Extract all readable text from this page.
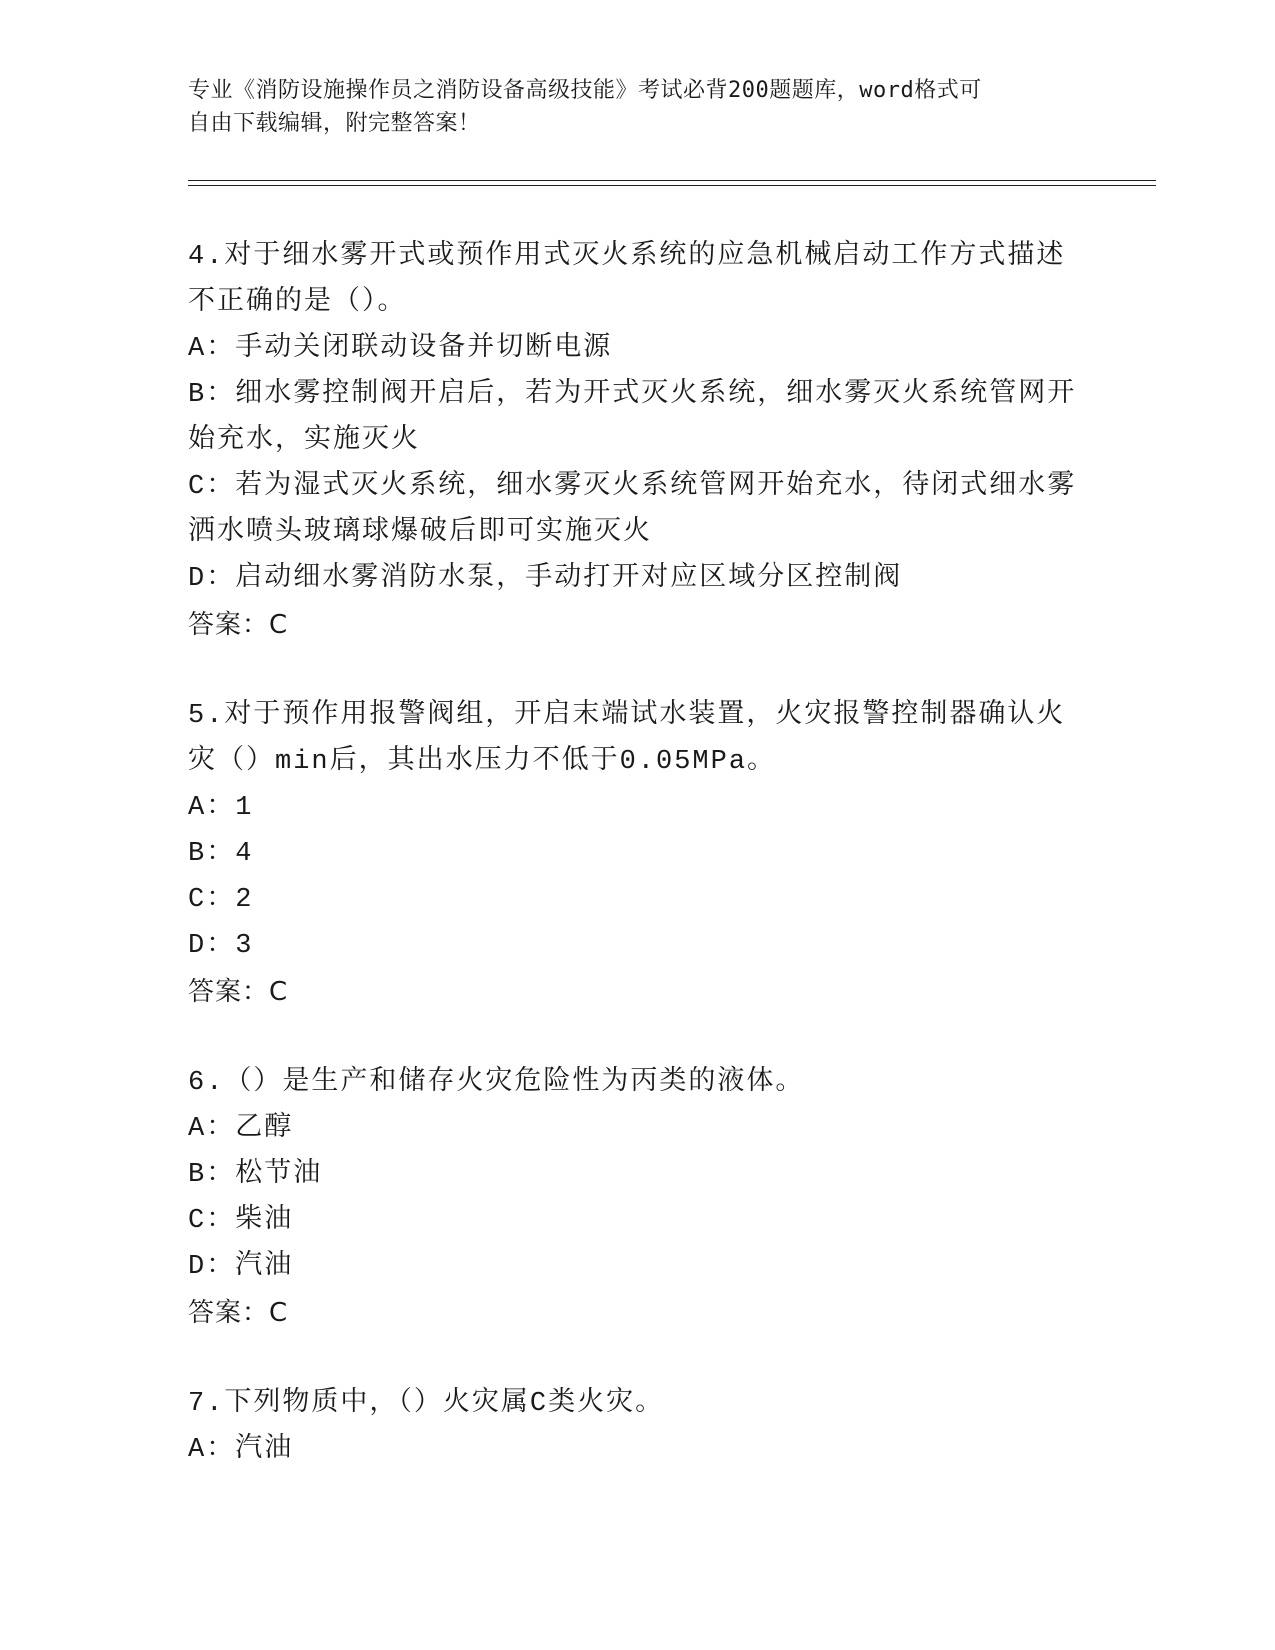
专业《消防设施操作员之消防设备高级技能》考试必背200题题库，word格式可
自由下载编辑，附完整答案！
4.对于细水雾开式或预作用式灭火系统的应急机械启动工作方式描述
不正确的是（）。
A：手动关闭联动设备并切断电源
B：细水雾控制阀开启后，若为开式灭火系统，细水雾灭火系统管网开
始充水，实施灭火
C：若为湿式灭火系统，细水雾灭火系统管网开始充水，待闭式细水雾
洒水喷头玻璃球爆破后即可实施灭火
D：启动细水雾消防水泵，手动打开对应区域分区控制阀
答案：C
5.对于预作用报警阀组，开启末端试水装置，火灾报警控制器确认火
灾（）min后，其出水压力不低于0.05MPa。
A：1
B：4
C：2
D：3
答案：C
6.（）是生产和储存火灾危险性为丙类的液体。
A：乙醇
B：松节油
C：柴油
D：汽油
答案：C
7.下列物质中，（）火灾属C类火灾。
A：汽油
